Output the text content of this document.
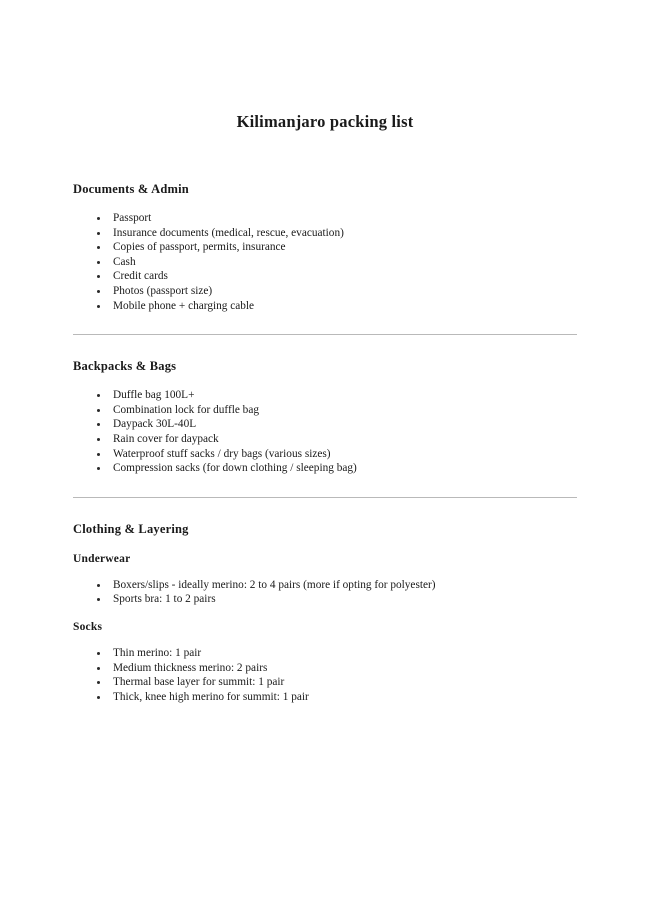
Kilimanjaro packing list
Documents & Admin
Passport
Insurance documents (medical, rescue, evacuation)
Copies of passport, permits, insurance
Cash
Credit cards
Photos (passport size)
Mobile phone + charging cable
Backpacks & Bags
Duffle bag 100L+
Combination lock for duffle bag
Daypack 30L-40L
Rain cover for daypack
Waterproof stuff sacks / dry bags (various sizes)
Compression sacks (for down clothing / sleeping bag)
Clothing & Layering
Underwear
Boxers/slips - ideally merino: 2 to 4 pairs (more if opting for polyester)
Sports bra: 1 to 2 pairs
Socks
Thin merino: 1 pair
Medium thickness merino: 2 pairs
Thermal base layer for summit: 1 pair
Thick, knee high merino for summit: 1 pair
